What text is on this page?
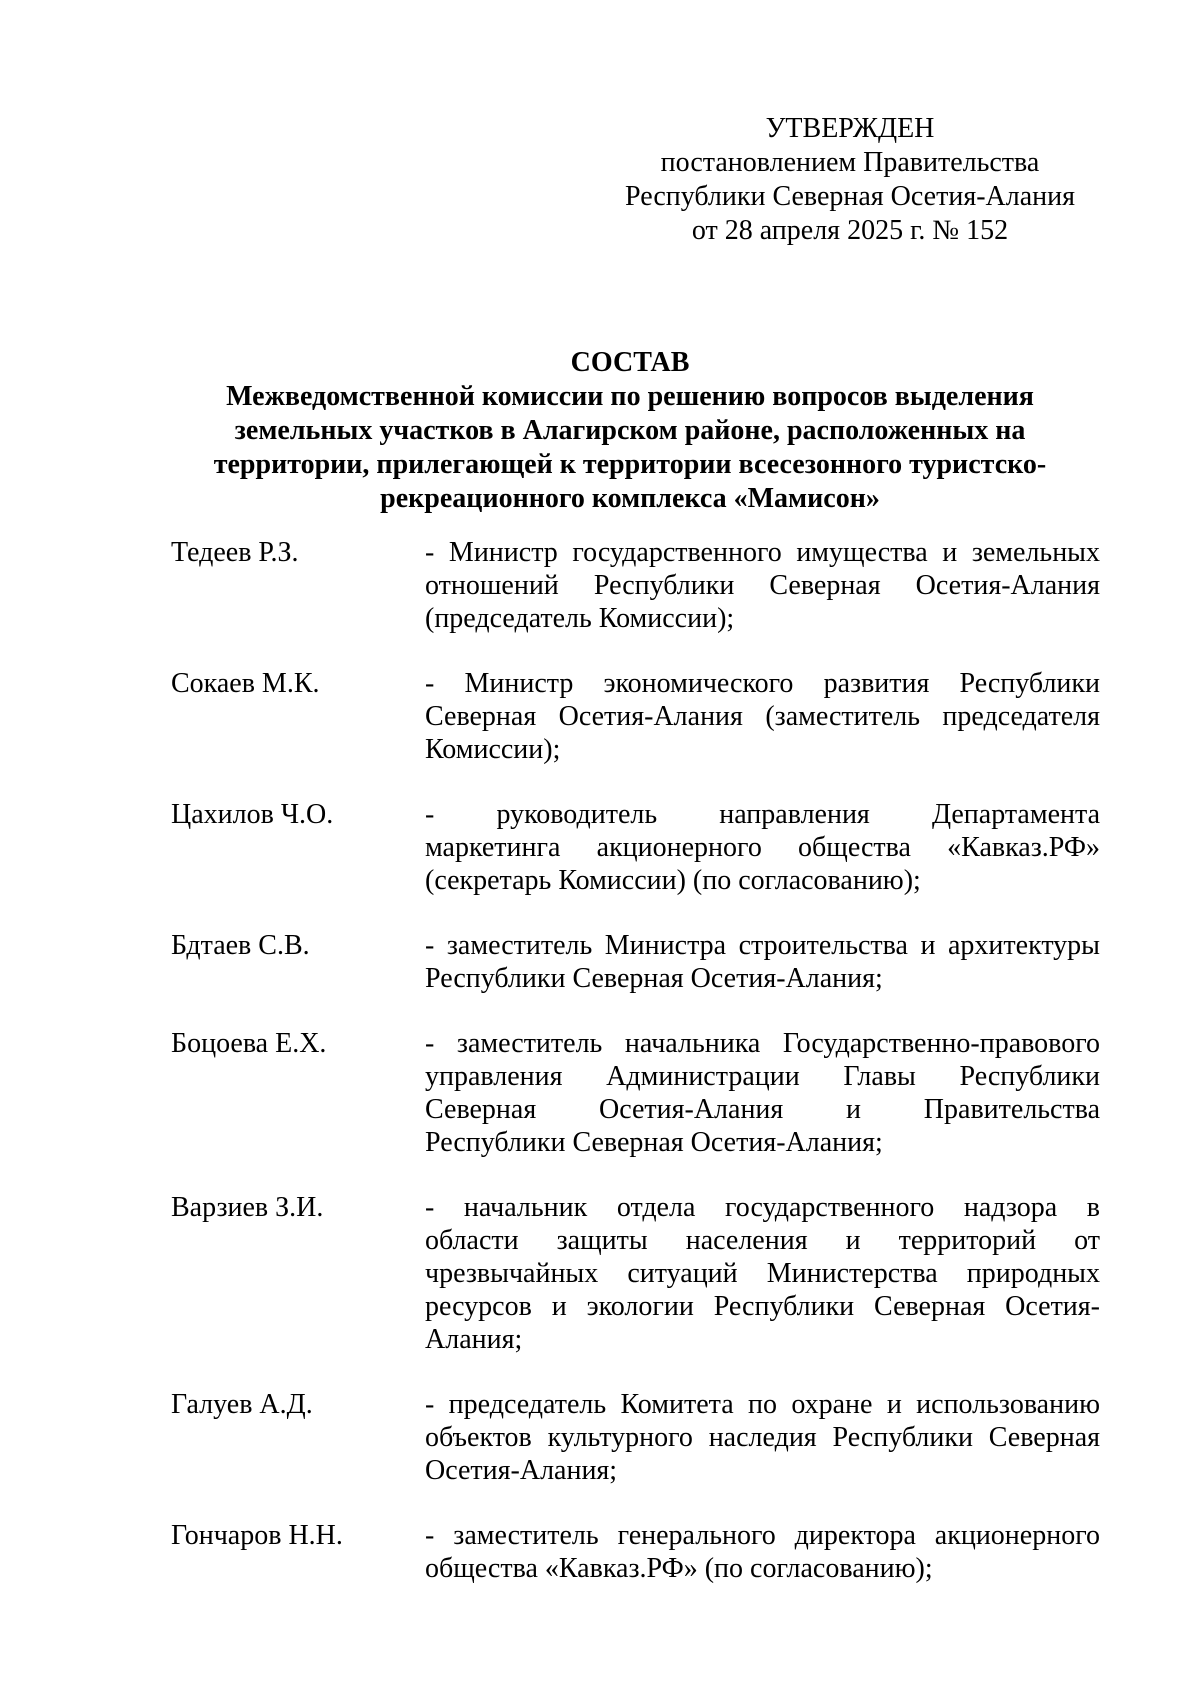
УТВЕРЖДЕН
постановлением Правительства
Республики Северная Осетия-Алания
от 28 апреля 2025 г. № 152
СОСТАВ
Межведомственной комиссии по решению вопросов выделения
земельных участков в Алагирском районе, расположенных на
территории, прилегающей к территории всесезонного туристско-
рекреационного комплекса «Мамисон»
Тедеев Р.З.	- Министр государственного имущества и земельных
отношений Республики Северная Осетия-Алания
(председатель Комиссии);
Сокаев М.К.	- Министр экономического развития Республики
Северная Осетия-Алания (заместитель председателя
Комиссии);
Цахилов Ч.О.	- руководитель направления Департамента
маркетинга акционерного общества «Кавказ.РФ»
(секретарь Комиссии) (по согласованию);
Бдтаев С.В.	- заместитель Министра строительства и архитектуры
Республики Северная Осетия-Алания;
Боцоева Е.Х.	- заместитель начальника Государственно-правового
управления Администрации Главы Республики
Северная Осетия-Алания и Правительства
Республики Северная Осетия-Алания;
Варзиев З.И.	- начальник отдела государственного надзора в
области защиты населения и территорий от
чрезвычайных ситуаций Министерства природных
ресурсов и экологии Республики Северная Осетия-
Алания;
Галуев А.Д.	- председатель Комитета по охране и использованию
объектов культурного наследия Республики Северная
Осетия-Алания;
Гончаров Н.Н.	- заместитель генерального директора акционерного
общества «Кавказ.РФ» (по согласованию);
